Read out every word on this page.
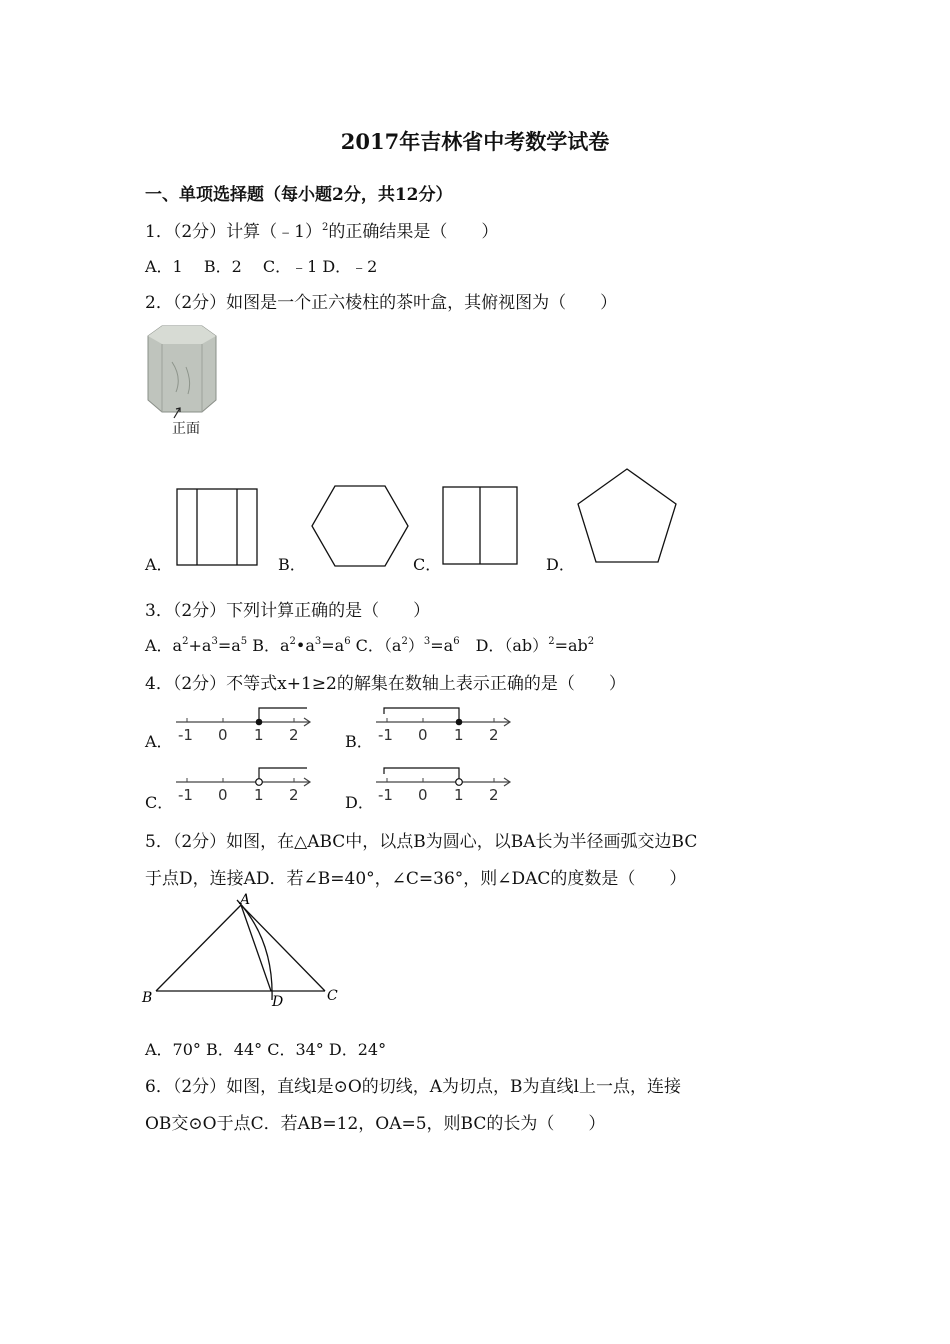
2017年吉林省中考数学试卷
一、单项选择题（每小题2分，共12分）
1．（2分）计算（﹣1）$^2$的正确结果是（　　）
A．1　 B．2　 C．﹣1 D．﹣2
2．（2分）如图是一个正六棱柱的茶叶盒，其俯视图为（　　）
正面
A．	B．	C．	D．
3．（2分）下列计算正确的是（　　）
A．$a^2+a^3=a^5$ B．$a^2•a^3=a^6$ C．$(a^2)^3=a^6$　D．$(ab)^2=ab^2$
4．（2分）不等式x+1≥2的解集在数轴上表示正确的是（　　）
A． -1 0 1 2	B． -1 0 1 2
C． -1 0 1 2	D． -1 0 1 2
5．（2分）如图，在△ABC中，以点B为圆心，以BA长为半径画弧交边BC
于点D，连接AD．若∠B=40°，∠C=36°，则∠DAC的度数是（　　）
A
B	C
D
A．70° B．44° C．34° D．24°
6．（2分）如图，直线l是⊙O的切线，A为切点，B为直线l上一点，连接
OB交⊙O于点C．若AB=12，OA=5，则BC的长为（　　）
